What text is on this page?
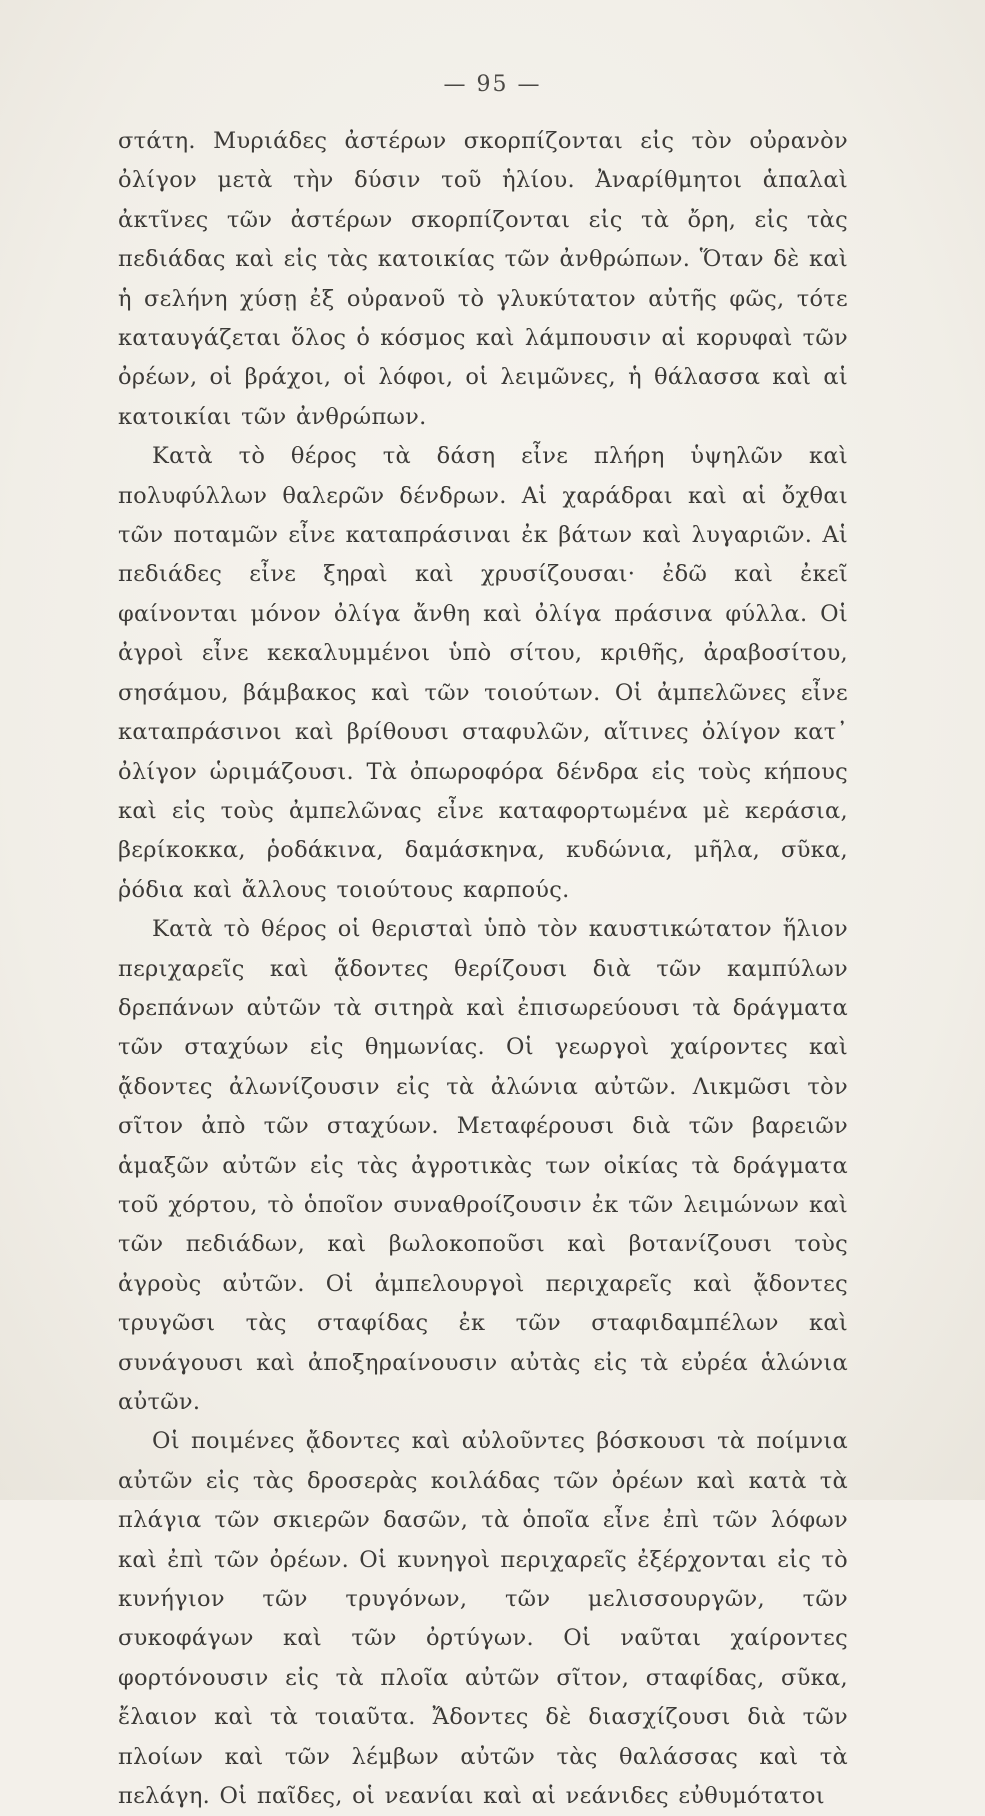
— 95 —

στάτη. Μυριάδες ἀστέρων σκορπίζονται εἰς τὸν οὐρανὸν ὀλίγον μετὰ τὴν δύσιν τοῦ ἡλίου. Ἀναρίθμητοι ἁπαλαὶ ἀκτῖνες τῶν ἀστέρων σκορπίζονται εἰς τὰ ὄρη, εἰς τὰς πεδιάδας καὶ εἰς τὰς κατοικίας τῶν ἀνθρώπων. Ὅταν δὲ καὶ ἡ σελήνη χύσῃ ἐξ οὐρανοῦ τὸ γλυκύτατον αὐτῆς φῶς, τότε καταυγάζεται ὅλος ὁ κόσμος καὶ λάμπουσιν αἱ κορυφαὶ τῶν ὀρέων, οἱ βράχοι, οἱ λόφοι, οἱ λειμῶνες, ἡ θάλασσα καὶ αἱ κατοικίαι τῶν ἀνθρώπων.

Κατὰ τὸ θέρος τὰ δάση εἶνε πλήρη ὑψηλῶν καὶ πολυφύλλων θαλερῶν δένδρων. Αἱ χαράδραι καὶ αἱ ὄχθαι τῶν ποταμῶν εἶνε καταπράσιναι ἐκ βάτων καὶ λυγαριῶν. Αἱ πεδιάδες εἶνε ξηραὶ καὶ χρυσίζουσαι· ἐδῶ καὶ ἐκεῖ φαίνονται μόνον ὀλίγα ἄνθη καὶ ὀλίγα πράσινα φύλλα. Οἱ ἀγροὶ εἶνε κεκαλυμμένοι ὑπὸ σίτου, κριθῆς, ἀραβοσίτου, σησάμου, βάμβακος καὶ τῶν τοιούτων. Οἱ ἀμπελῶνες εἶνε καταπράσινοι καὶ βρίθουσι σταφυλῶν, αἵτινες ὀλίγον κατ᾽ ὀλίγον ὡριμάζουσι. Τὰ ὀπωροφόρα δένδρα εἰς τοὺς κήπους καὶ εἰς τοὺς ἀμπελῶνας εἶνε καταφορτωμένα μὲ κεράσια, βερίκοκκα, ῥοδάκινα, δαμάσκηνα, κυδώνια, μῆλα, σῦκα, ῥόδια καὶ ἄλλους τοιούτους καρπούς.

Κατὰ τὸ θέρος οἱ θερισταὶ ὑπὸ τὸν καυστικώτατον ἥλιον περιχαρεῖς καὶ ᾄδοντες θερίζουσι διὰ τῶν καμπύλων δρεπάνων αὐτῶν τὰ σιτηρὰ καὶ ἐπισωρεύουσι τὰ δράγματα τῶν σταχύων εἰς θημωνίας. Οἱ γεωργοὶ χαίροντες καὶ ᾄδοντες ἀλωνίζουσιν εἰς τὰ ἀλώνια αὐτῶν. Λικμῶσι τὸν σῖτον ἀπὸ τῶν σταχύων. Μεταφέρουσι διὰ τῶν βαρειῶν ἁμαξῶν αὐτῶν εἰς τὰς ἀγροτικὰς των οἰκίας τὰ δράγματα τοῦ χόρτου, τὸ ὁποῖον συναθροίζουσιν ἐκ τῶν λειμώνων καὶ τῶν πεδιάδων, καὶ βωλοκοποῦσι καὶ βοτανίζουσι τοὺς ἀγροὺς αὐτῶν. Οἱ ἀμπελουργοὶ περιχαρεῖς καὶ ᾄδοντες τρυγῶσι τὰς σταφίδας ἐκ τῶν σταφιδαμπέλων καὶ συνάγουσι καὶ ἀποξηραίνουσιν αὐτὰς εἰς τὰ εὐρέα ἁλώνια αὐτῶν.

Οἱ ποιμένες ᾄδοντες καὶ αὐλοῦντες βόσκουσι τὰ ποίμνια αὐτῶν εἰς τὰς δροσερὰς κοιλάδας τῶν ὀρέων καὶ κατὰ τὰ πλάγια τῶν σκιερῶν δασῶν, τὰ ὁποῖα εἶνε ἐπὶ τῶν λόφων καὶ ἐπὶ τῶν ὀρέων. Οἱ κυνηγοὶ περιχαρεῖς ἐξέρχονται εἰς τὸ κυνήγιον τῶν τρυγόνων, τῶν μελισσουργῶν, τῶν συκοφάγων καὶ τῶν ὀρτύγων. Οἱ ναῦται χαίροντες φορτόνουσιν εἰς τὰ πλοῖα αὐτῶν σῖτον, σταφίδας, σῦκα, ἔλαιον καὶ τὰ τοιαῦτα. Ἄδοντες δὲ διασχίζουσι διὰ τῶν πλοίων καὶ τῶν λέμβων αὐτῶν τὰς θαλάσσας καὶ τὰ πελάγη. Οἱ παῖδες, οἱ νεανίαι καὶ αἱ νεάνιδες εὐθυμότατοι
